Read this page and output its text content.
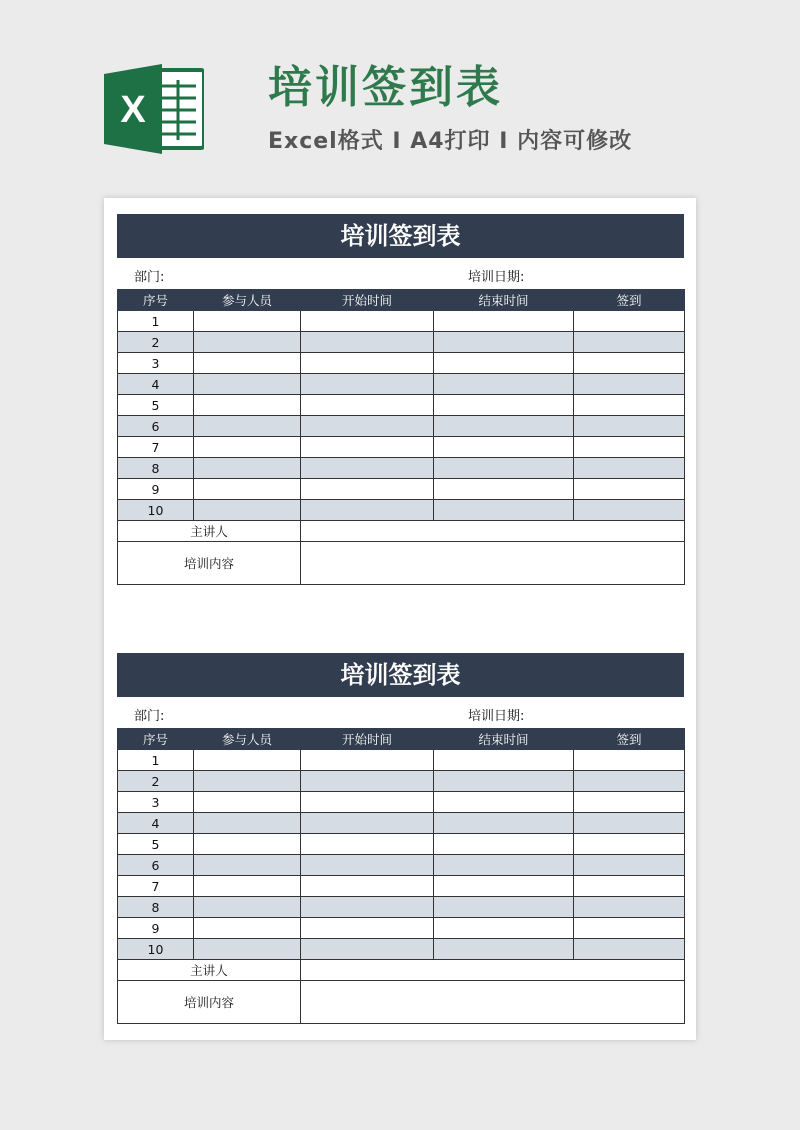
X	培训签到表

Excel格式 Ⅰ A4打印 Ⅰ 内容可修改

培训签到表
部门:	培训日期:
序号	参与人员	开始时间	结束时间	签到
1				
2				
3				
4				
5				
6				
7				
8				
9				
10				
主讲人				
培训内容				
培训签到表
部门:	培训日期:
序号	参与人员	开始时间	结束时间	签到
1				
2				
3				
4				
5				
6				
7				
8				
9				
10				
主讲人				
培训内容				
